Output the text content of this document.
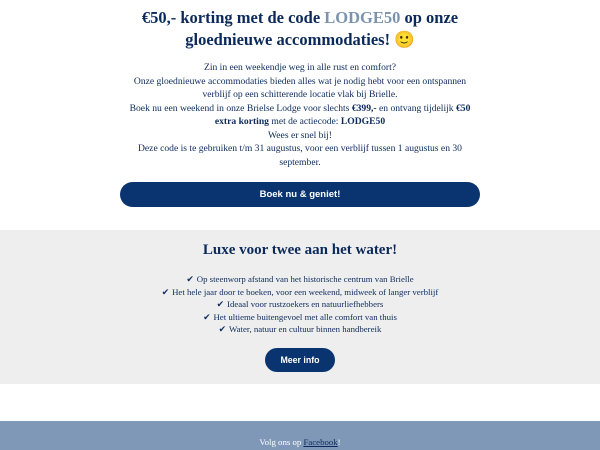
€50,- korting met de code LODGE50 op onze gloednieuwe accommodaties! 🙂
Zin in een weekendje weg in alle rust en comfort?
Onze gloednieuwe accommodaties bieden alles wat je nodig hebt voor een ontspannen verblijf op een schitterende locatie vlak bij Brielle.
Boek nu een weekend in onze Brielse Lodge voor slechts €399,- en ontvang tijdelijk €50 extra korting met de actiecode: LODGE50
Wees er snel bij!
Deze code is te gebruiken t/m 31 augustus, voor een verblijf tussen 1 augustus en 30 september.
Boek nu & geniet!
Luxe voor twee aan het water!
✔ Op steenworp afstand van het historische centrum van Brielle
✔ Het hele jaar door te boeken, voor een weekend, midweek of langer verblijf
✔ Ideaal voor rustzoekers en natuurliefhebbers
✔ Het ultieme buitengevoel met alle comfort van thuis
✔ Water, natuur en cultuur binnen handbereik
Meer info
Volg ons op Facebook!
